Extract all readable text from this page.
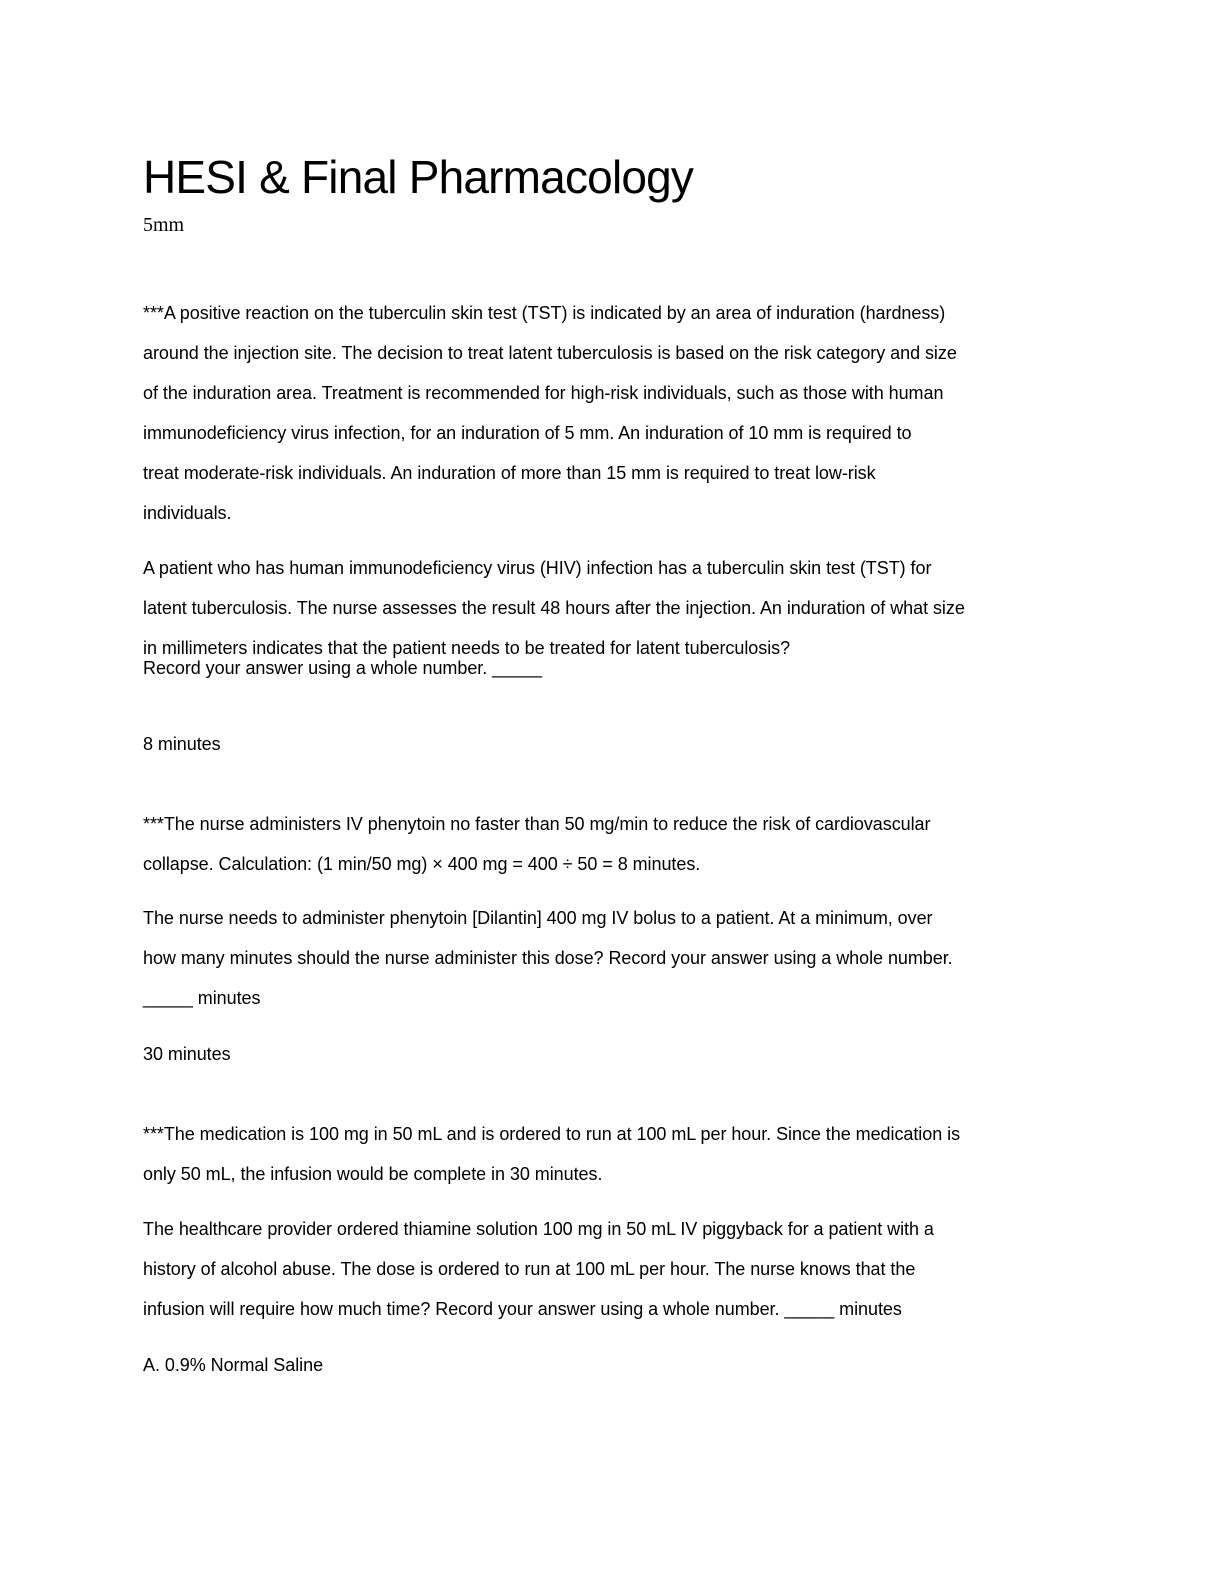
HESI & Final Pharmacology
5mm
***A positive reaction on the tuberculin skin test (TST) is indicated by an area of induration (hardness)
around the injection site. The decision to treat latent tuberculosis is based on the risk category and size
of the induration area. Treatment is recommended for high-risk individuals, such as those with human
immunodeficiency virus infection, for an induration of 5 mm. An induration of 10 mm is required to
treat moderate-risk individuals. An induration of more than 15 mm is required to treat low-risk
individuals.
A patient who has human immunodeficiency virus (HIV) infection has a tuberculin skin test (TST) for
latent tuberculosis. The nurse assesses the result 48 hours after the injection. An induration of what size
in millimeters indicates that the patient needs to be treated for latent tuberculosis?
Record your answer using a whole number. _____
8 minutes
***The nurse administers IV phenytoin no faster than 50 mg/min to reduce the risk of cardiovascular
collapse. Calculation: (1 min/50 mg) × 400 mg = 400 ÷ 50 = 8 minutes.
The nurse needs to administer phenytoin [Dilantin] 400 mg IV bolus to a patient. At a minimum, over
how many minutes should the nurse administer this dose? Record your answer using a whole number.
_____ minutes
30 minutes
***The medication is 100 mg in 50 mL and is ordered to run at 100 mL per hour. Since the medication is
only 50 mL, the infusion would be complete in 30 minutes.
The healthcare provider ordered thiamine solution 100 mg in 50 mL IV piggyback for a patient with a
history of alcohol abuse. The dose is ordered to run at 100 mL per hour. The nurse knows that the
infusion will require how much time? Record your answer using a whole number. _____ minutes
A. 0.9% Normal Saline
